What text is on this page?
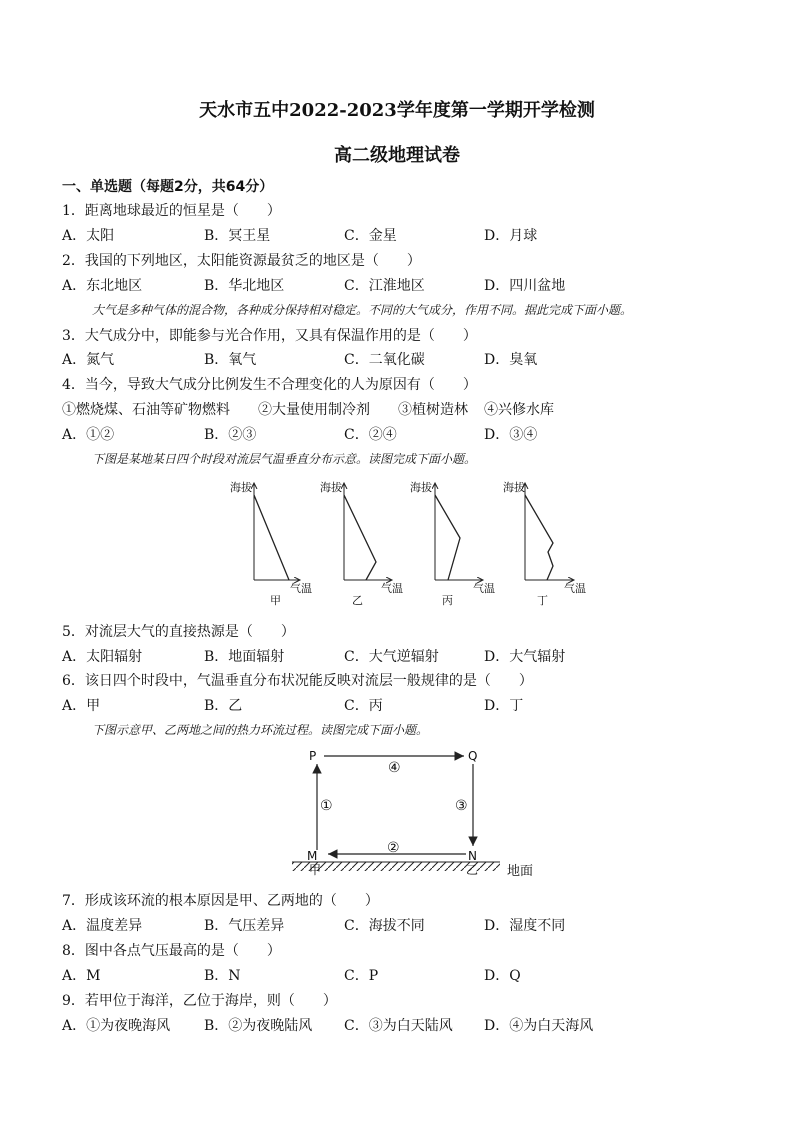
天水市五中2022-2023学年度第一学期开学检测
高二级地理试卷
一、单选题（每题2分，共64分）
1．距离地球最近的恒星是（　　）
A．太阳	B．冥王星	C．金星	D．月球
2．我国的下列地区，太阳能资源最贫乏的地区是（　　）
A．东北地区	B．华北地区	C．江淮地区	D．四川盆地
大气是多种气体的混合物，各种成分保持相对稳定。不同的大气成分，作用不同。据此完成下面小题。
3．大气成分中，即能参与光合作用，又具有保温作用的是（　　）
A．氮气	B．氧气	C．二氧化碳	D．臭氧
4．当今，导致大气成分比例发生不合理变化的人为原因有（　　）
①燃烧煤、石油等矿物燃料 ②大量使用制冷剂 ③植树造林 ④兴修水库
A．①②	B．②③	C．②④	D．③④
下图是某地某日四个时段对流层气温垂直分布示意。读图完成下面小题。
海拔
气温
甲
海拔
气温
乙
海拔
气温
丙
海拔
气温
丁
5．对流层大气的直接热源是（　　）
A．太阳辐射	B．地面辐射	C．大气逆辐射	D．大气辐射
6．该日四个时段中，气温垂直分布状况能反映对流层一般规律的是（　　）
A．甲	B．乙	C．丙	D．丁
下图示意甲、乙两地之间的热力环流过程。读图完成下面小题。
P	Q
M	N
①
②
③
④
甲	乙 地面
7．形成该环流的根本原因是甲、乙两地的（　　）
A．温度差异	B．气压差异	C．海拔不同	D．湿度不同
8．图中各点气压最高的是（　　）
A．M	B．N	C．P	D．Q
9．若甲位于海洋，乙位于海岸，则（　　）
A．①为夜晚海风 B．②为夜晚陆风 C．③为白天陆风 D．④为白天海风
